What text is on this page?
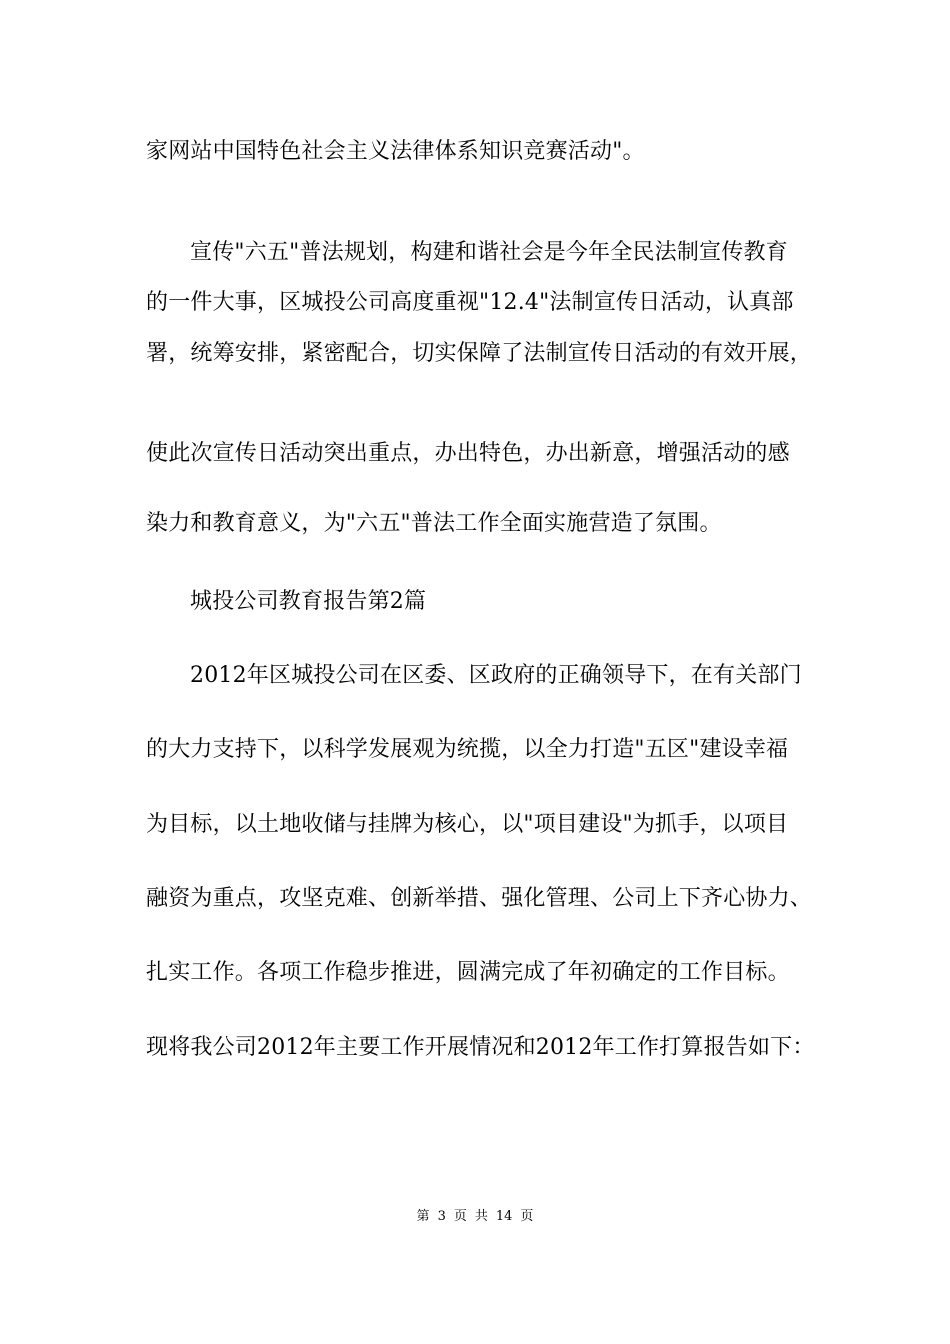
家网站中国特色社会主义法律体系知识竞赛活动"。
宣传"六五"普法规划，构建和谐社会是今年全民法制宣传教育
的一件大事，区城投公司高度重视"12.4"法制宣传日活动，认真部
署，统筹安排，紧密配合，切实保障了法制宣传日活动的有效开展，
使此次宣传日活动突出重点，办出特色，办出新意，增强活动的感
染力和教育意义，为"六五"普法工作全面实施营造了氛围。
城投公司教育报告第2篇
2012年区城投公司在区委、区政府的正确领导下，在有关部门
的大力支持下，以科学发展观为统揽，以全力打造"五区"建设幸福
为目标，以土地收储与挂牌为核心，以"项目建设"为抓手，以项目
融资为重点，攻坚克难、创新举措、强化管理、公司上下齐心协力、
扎实工作。各项工作稳步推进，圆满完成了年初确定的工作目标。
现将我公司2012年主要工作开展情况和2012年工作打算报告如下：
第 3 页 共 14 页
